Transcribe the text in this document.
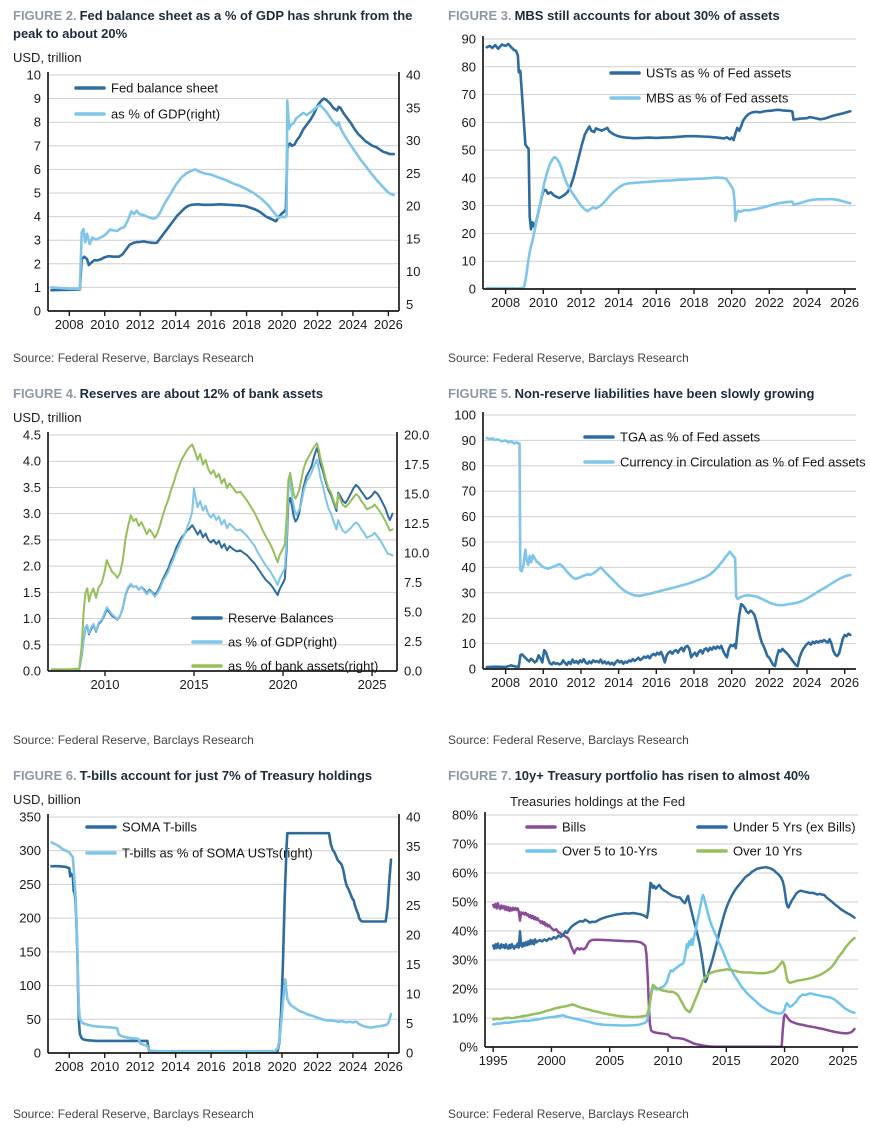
FIGURE 2. Fed balance sheet as a % of GDP has shrunk from the peak to about 20%
USD, trillion
2008 2010 2012 2014 2016 2018 2020 2022 2024 2026
0
1
2
3
4
5
6
7
8
9
10
5
10
15
20
25
30
35
40
Fed balance sheet
as % of GDP(right)
Source: Federal Reserve, Barclays Research
FIGURE 3. MBS still accounts for about 30% of assets
2008 2010 2012 2014 2016 2018 2020 2022 2024 2026
0
10
20
30
40
50
60
70
80
90
USTs as % of Fed assets
MBS as % of Fed assets
Source: Federal Reserve, Barclays Research
FIGURE 4. Reserves are about 12% of bank assets
USD, trillion
2010	2015	2020	2025
0.0
0.5
1.0
1.5
2.0
2.5
3.0
3.5
4.0
4.5
0.0
2.5
5.0
7.5
10.0
12.5
15.0
17.5
20.0
Reserve Balances
as % of GDP(right)
as % of bank assets(right)
Source: Federal Reserve, Barclays Research
FIGURE 5. Non-reserve liabilities have been slowly growing
2008 2010 2012 2014 2016 2018 2020 2022 2024 2026
0
10
20
30
40
50
60
70
80
90
100
TGA as % of Fed assets
Currency in Circulation as % of Fed assets
Source: Federal Reserve, Barclays Research
FIGURE 6. T-bills account for just 7% of Treasury holdings
USD, billion
2008 2010 2012 2014 2016 2018 2020 2022 2024 2026
0
50
100
150
200
250
300
350
0
5
10
15
20
25
30
35
40
SOMA T-bills
T-bills as % of SOMA USTs(right)
Source: Federal Reserve, Barclays Research
FIGURE 7. 10y+ Treasury portfolio has risen to almost 40%
1995 2000 2005 2010 2015 2020 2025
0%
10%
20%
30%
40%
50%
60%
70%
80%
Treasuries holdings at the Fed
Bills
Over 5 to 10-Yrs
Under 5 Yrs (ex Bills)
Over 10 Yrs
Source: Federal Reserve, Barclays Research
